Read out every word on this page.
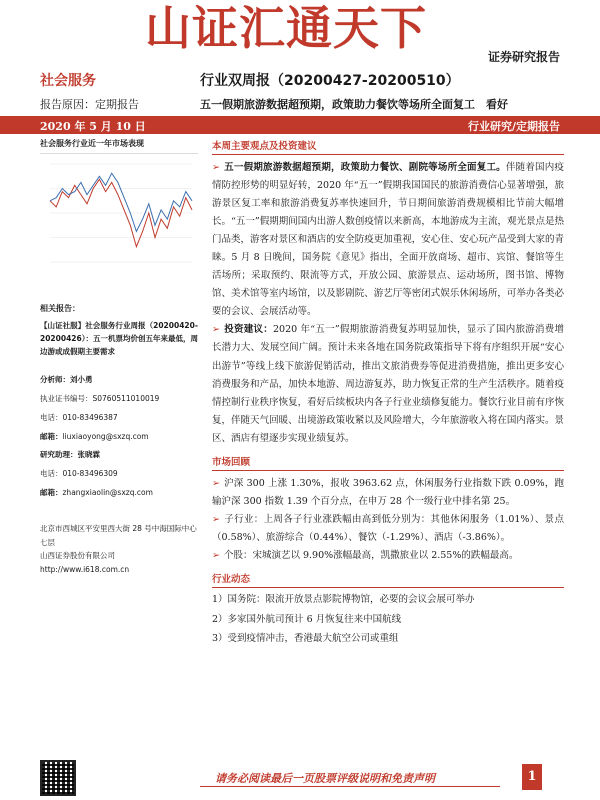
山证汇通天下
证券研究报告
社会服务
报告原因：定期报告
行业双周报（20200427-20200510）
五一假期旅游数据超预期，政策助力餐饮等场所全面复工　看好
2020 年 5 月 10 日	行业研究/定期报告
社会服务行业近一年市场表现
相关报告：
【山证社服】社会服务行业周报（20200420-20200426）：五一机票均价创五年来最低，周边游或成假期主要需求
分析师：刘小勇
执业证书编号：S0760511010019
电话：010-83496387
邮箱：liuxiaoyong@sxzq.com
研究助理：张晓霖
电话：010-83496309
邮箱：zhangxiaolin@sxzq.com
北京市西城区平安里西大街 28 号中海国际中心七层
山西证券股份有限公司
http://www.i618.com.cn
本周主要观点及投资建议

➢ 五一假期旅游数据超预期，政策助力餐饮、剧院等场所全面复工。伴随着国内疫情防控形势的明显好转，2020 年“五一”假期我国国民的旅游消费信心显著增强，旅游景区复工率和旅游消费复苏率快速回升，节日期间旅游消费规模相比节前大幅增长。“五一”假期期间国内出游人数创疫情以来新高，本地游成为主流，观光景点是热门品类，游客对景区和酒店的安全防疫更加重视，安心住、安心玩产品受到大家的青睐。5 月 8 日晚间，国务院《意见》指出，全面开放商场、超市、宾馆、餐馆等生活场所；采取预约、限流等方式，开放公园、旅游景点、运动场所，图书馆、博物馆、美术馆等室内场馆，以及影剧院、游艺厅等密闭式娱乐休闲场所，可举办各类必要的会议、会展活动等。

➢ 投资建议：2020 年“五一”假期旅游消费复苏明显加快，显示了国内旅游消费增长潜力大、发展空间广阔。预计未来各地在国务院政策指导下将有序组织开展“安心出游节”等线上线下旅游促销活动，推出文旅消费券等促进消费措施，推出更多安心消费服务和产品，加快本地游、周边游复苏，助力恢复正常的生产生活秩序。随着疫情控制行业秩序恢复，看好后续板块内各子行业业绩修复能力。餐饮行业目前有序恢复，伴随天气回暖、出境游政策收紧以及风险增大，今年旅游收入将在国内落实。景区、酒店有望逐步实现业绩复苏。

市场回顾

➢ 沪深 300 上涨 1.30%，报收 3963.62 点，休闲服务行业指数下跌 0.09%，跑输沪深 300 指数 1.39 个百分点，在申万 28 个一级行业中排名第 25。

➢ 子行业：上周各子行业涨跌幅由高到低分别为：其他休闲服务（1.01%）、景点（0.58%）、旅游综合（0.44%）、餐饮（-1.29%）、酒店（-3.86%）。

➢ 个股：宋城演艺以 9.90%涨幅最高，凯撒旅业以 2.55%的跌幅最高。

行业动态
1）国务院：限流开放景点影院博物馆，必要的会议会展可举办
2）多家国外航司预计 6 月恢复往来中国航线
3）受到疫情冲击，香港最大航空公司或重组
请务必阅读最后一页股票评级说明和免责声明	1
